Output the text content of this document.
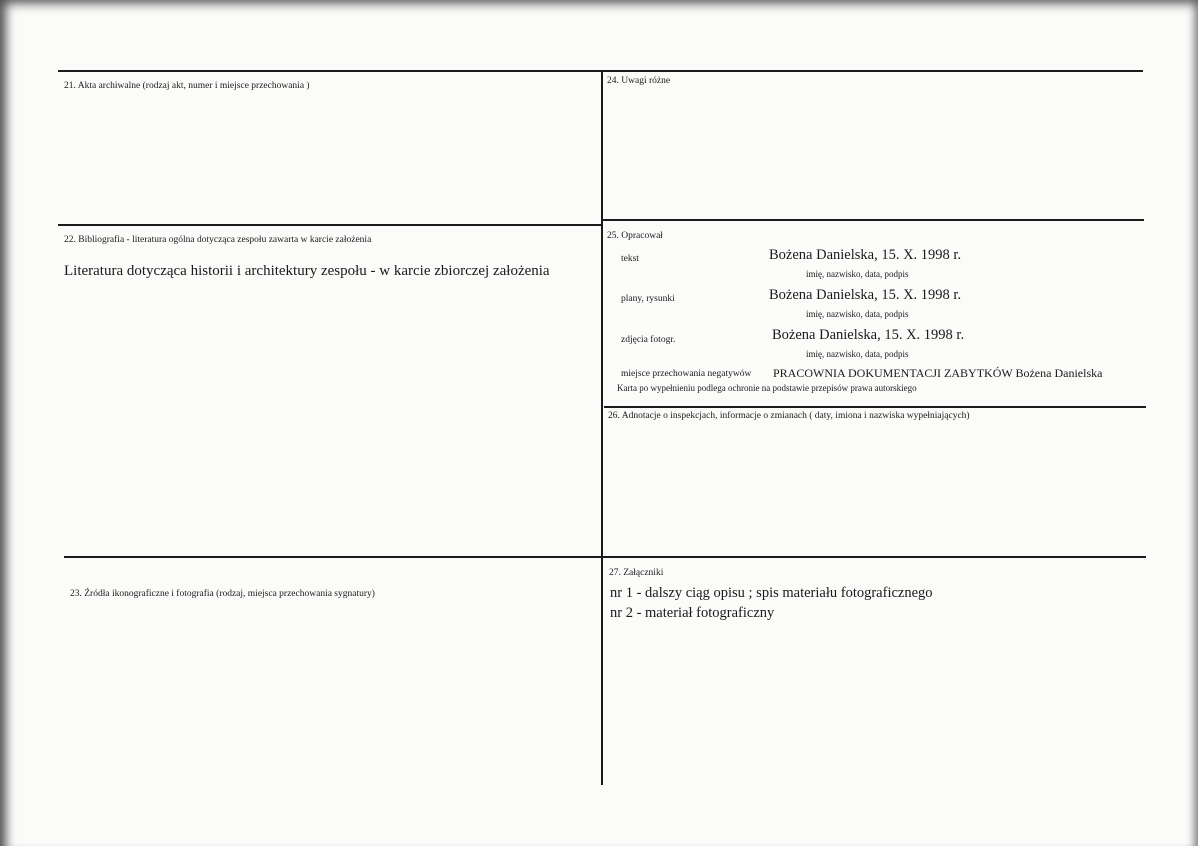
21. Akta archiwalne (rodzaj akt, numer i miejsce przechowania )
22. Bibliografia - literatura ogólna dotycząca zespołu zawarta w karcie założenia
Literatura dotycząca historii i architektury zespołu - w karcie zbiorczej założenia
23. Źródła ikonograficzne i fotografia (rodzaj, miejsca przechowania sygnatury)
24. Uwagi różne
25. Opracował
tekst	Bożena Danielska, 15. X. 1998 r.
imię, nazwisko, data, podpis
plany, rysunki	Bożena Danielska, 15. X. 1998 r.
imię, nazwisko, data, podpis
zdjęcia fotogr.	Bożena Danielska, 15. X. 1998 r.
imię, nazwisko, data, podpis
miejsce przechowania negatywów PRACOWNIA DOKUMENTACJI ZABYTKÓW Bożena Danielska
Karta po wypełnieniu podlega ochronie na podstawie przepisów prawa autorskiego
26. Adnotacje o inspekcjach, informacje o zmianach ( daty, imiona i nazwiska wypełniających)
27. Załączniki
nr 1 - dalszy ciąg opisu ; spis materiału fotograficznego
nr 2 - materiał fotograficzny
